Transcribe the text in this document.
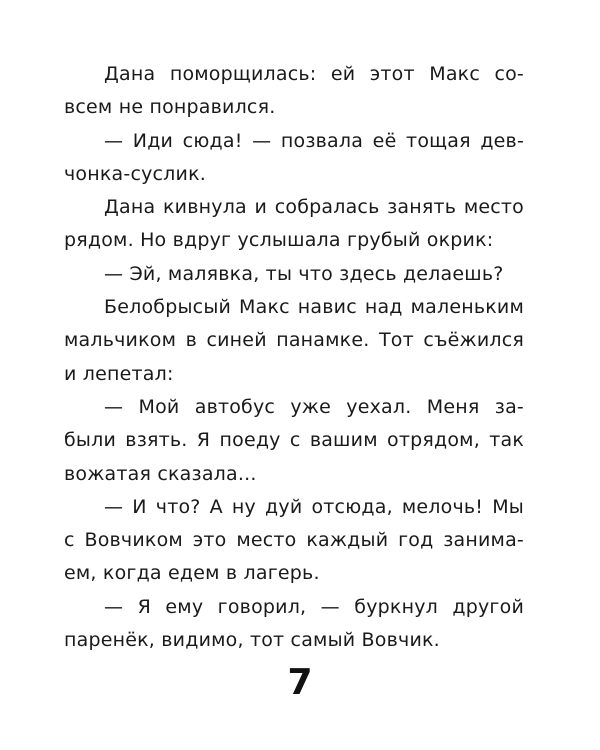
Дана поморщилась: ей этот Макс со-
всем не понравился.
— Иди сюда! — позвала её тощая дев-
чонка-суслик.
Дана кивнула и собралась занять место
рядом. Но вдруг услышала грубый окрик:
— Эй, малявка, ты что здесь делаешь?
Белобрысый Макс навис над маленьким
мальчиком в синей панамке. Тот съёжился
и лепетал:
— Мой автобус уже уехал. Меня за-
были взять. Я поеду с вашим отрядом, так
вожатая сказала...
— И что? А ну дуй отсюда, мелочь! Мы
с Вовчиком это место каждый год занима-
ем, когда едем в лагерь.
— Я ему говорил, — буркнул другой
паренёк, видимо, тот самый Вовчик.
7
